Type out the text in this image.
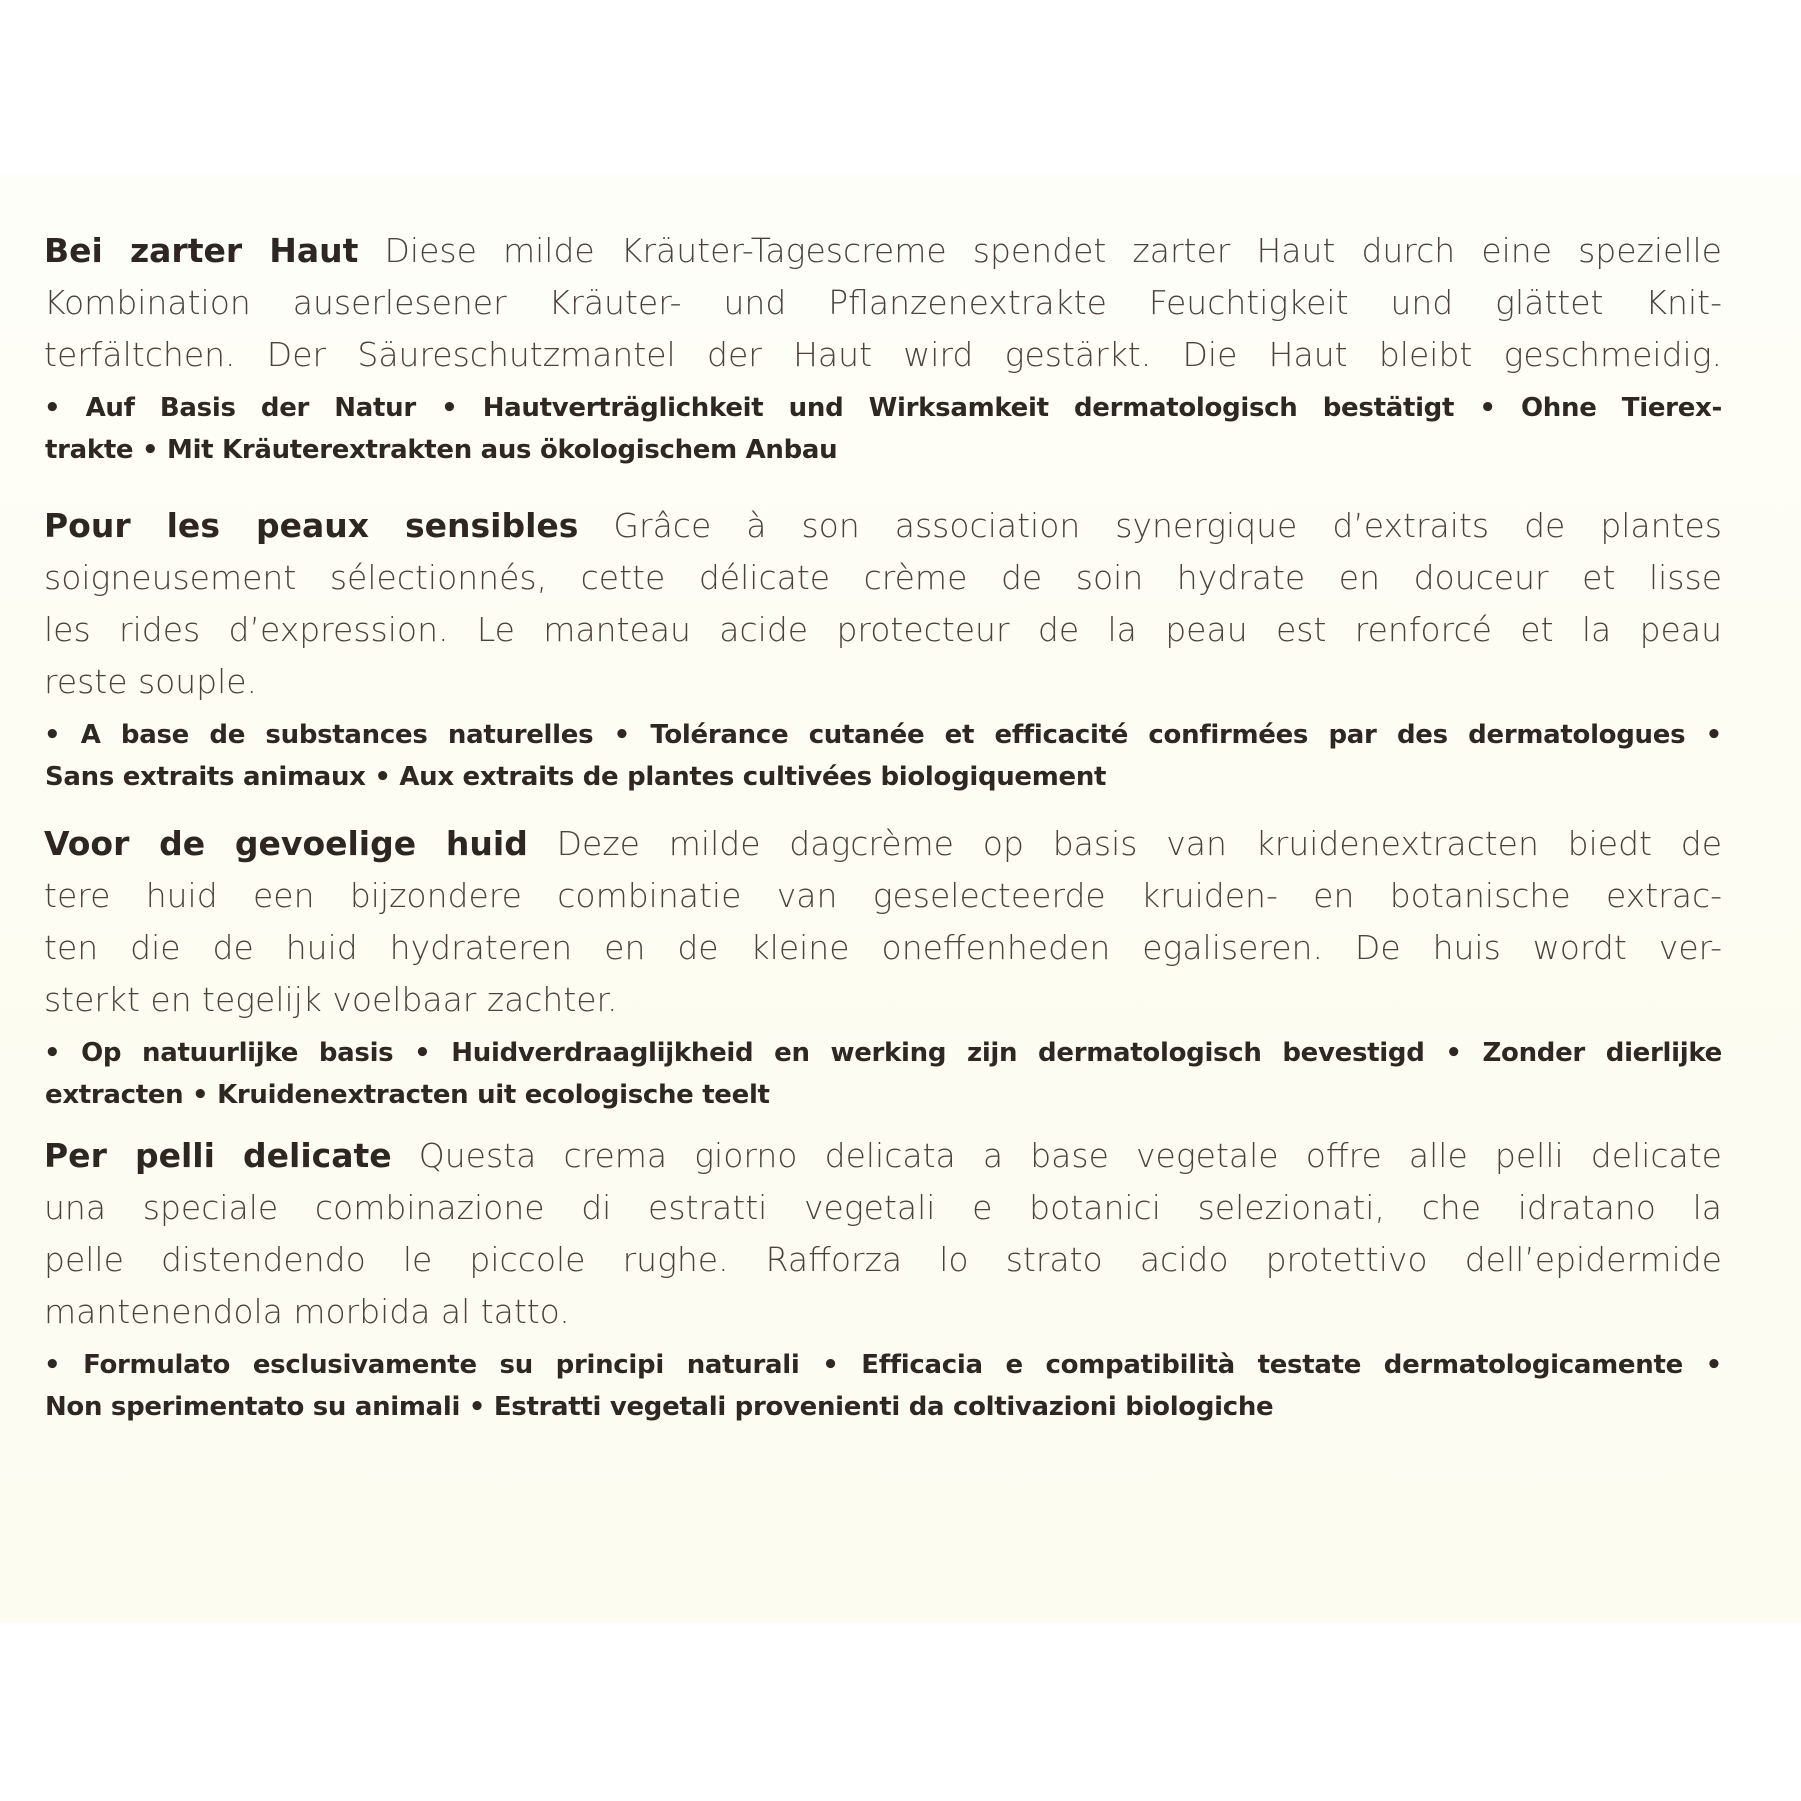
Bei zarter Haut Diese milde Kräuter-Tagescreme spendet zarter Haut durch eine spezielle
Kombination auserlesener Kräuter- und Pflanzenextrakte Feuchtigkeit und glättet Knit-
terfältchen. Der Säureschutzmantel der Haut wird gestärkt. Die Haut bleibt geschmeidig.
• Auf Basis der Natur • Hautverträglichkeit und Wirksamkeit dermatologisch bestätigt • Ohne Tierex-
trakte • Mit Kräuterextrakten aus ökologischem Anbau
Pour les peaux sensibles Grâce à son association synergique d’extraits de plantes
soigneusement sélectionnés, cette délicate crème de soin hydrate en douceur et lisse
les rides d’expression. Le manteau acide protecteur de la peau est renforcé et la peau
reste souple.
• A base de substances naturelles • Tolérance cutanée et efficacité confirmées par des dermatologues •
Sans extraits animaux • Aux extraits de plantes cultivées biologiquement
Voor de gevoelige huid Deze milde dagcrème op basis van kruidenextracten biedt de
tere huid een bijzondere combinatie van geselecteerde kruiden- en botanische extrac-
ten die de huid hydrateren en de kleine oneffenheden egaliseren. De huis wordt ver-
sterkt en tegelijk voelbaar zachter.
• Op natuurlijke basis • Huidverdraaglijkheid en werking zijn dermatologisch bevestigd • Zonder dierlijke
extracten • Kruidenextracten uit ecologische teelt
Per pelli delicate Questa crema giorno delicata a base vegetale offre alle pelli delicate
una speciale combinazione di estratti vegetali e botanici selezionati, che idratano la
pelle distendendo le piccole rughe. Rafforza lo strato acido protettivo dell’epidermide
mantenendola morbida al tatto.
• Formulato esclusivamente su principi naturali • Efficacia e compatibilità testate dermatologicamente •
Non sperimentato su animali • Estratti vegetali provenienti da coltivazioni biologiche
